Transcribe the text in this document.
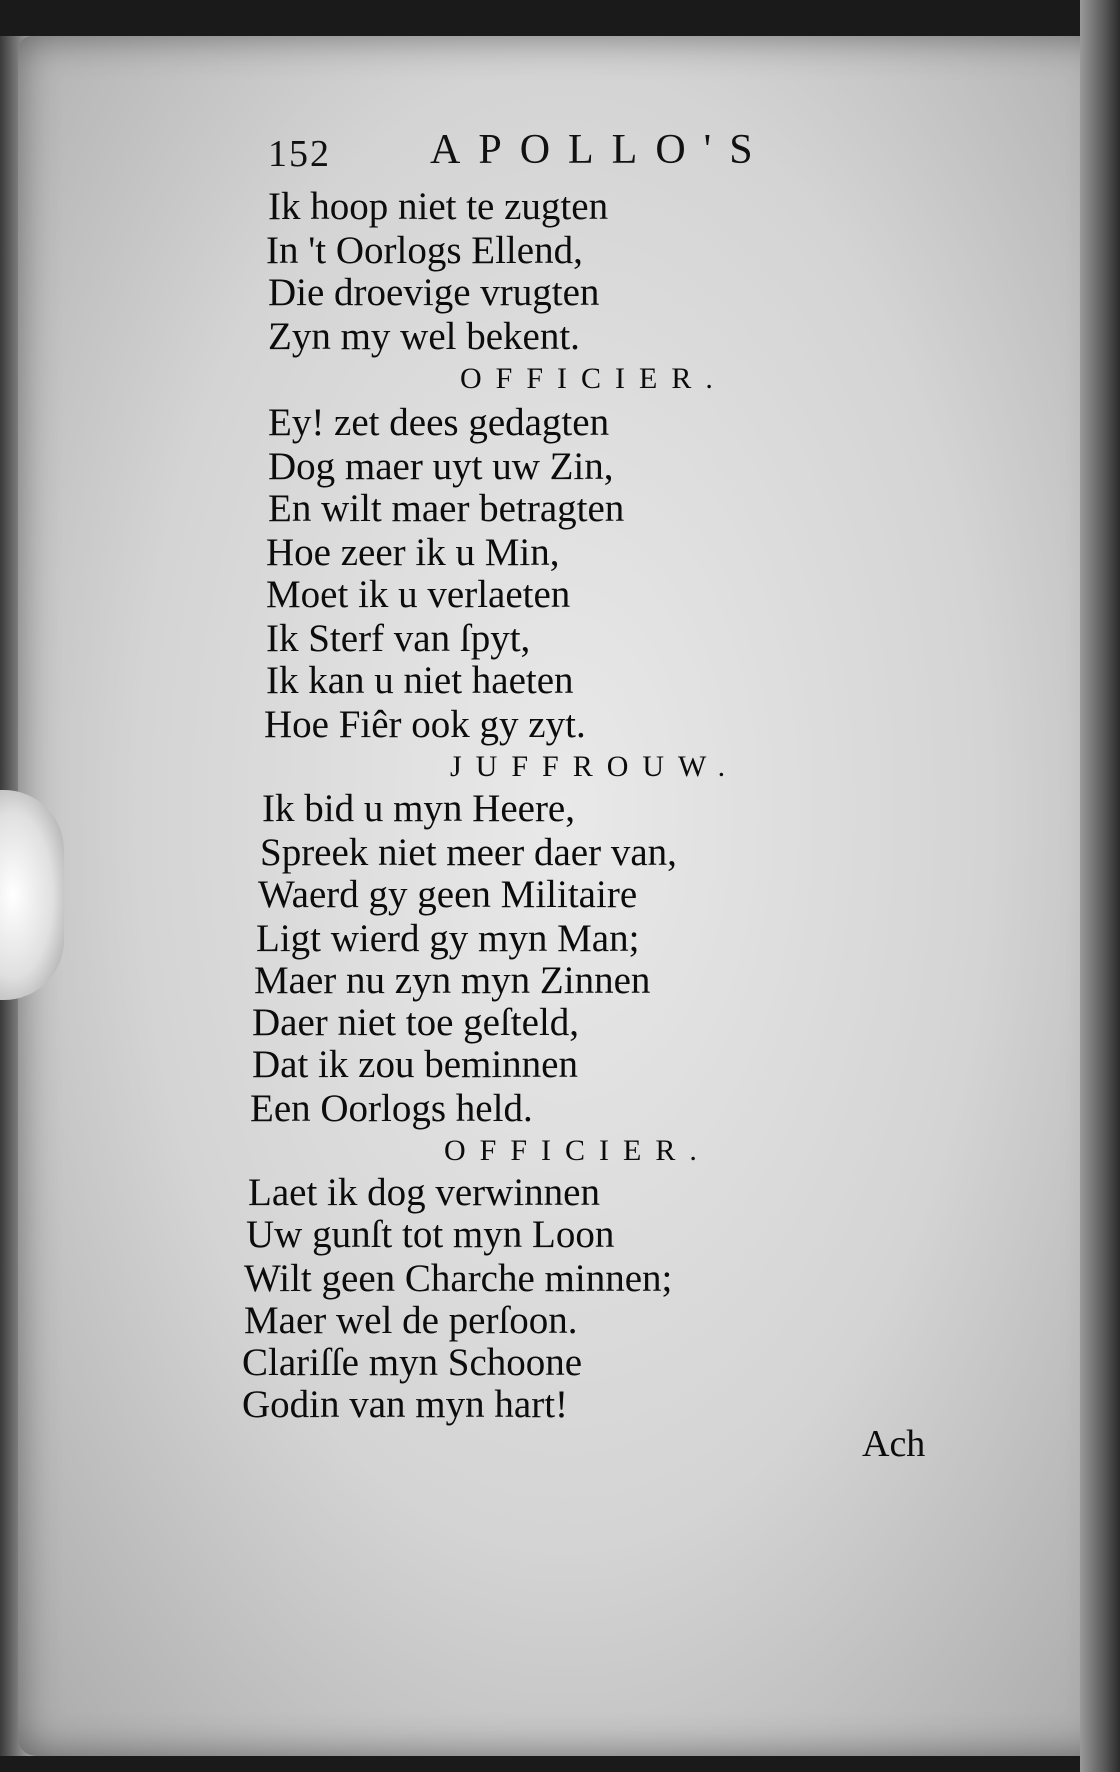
152 APOLLO'S
Ik hoop niet te zugten
In 't Oorlogs Ellend,
Die droevige vrugten
Zyn my wel bekent.
OFFICIER.
Ey! zet dees gedagten
Dog maer uyt uw Zin,
En wilt maer betragten
Hoe zeer ik u Min,
Moet ik u verlaeten
Ik Sterf van ſpyt,
Ik kan u niet haeten
Hoe Fiêr ook gy zyt.
JUFFROUW.
Ik bid u myn Heere,
Spreek niet meer daer van,
Waerd gy geen Militaire
Ligt wierd gy myn Man;
Maer nu zyn myn Zinnen
Daer niet toe geſteld,
Dat ik zou beminnen
Een Oorlogs held.
OFFICIER.
Laet ik dog verwinnen
Uw gunſt tot myn Loon
Wilt geen Charche minnen;
Maer wel de perſoon.
Clariſſe myn Schoone
Godin van myn hart!
Ach
